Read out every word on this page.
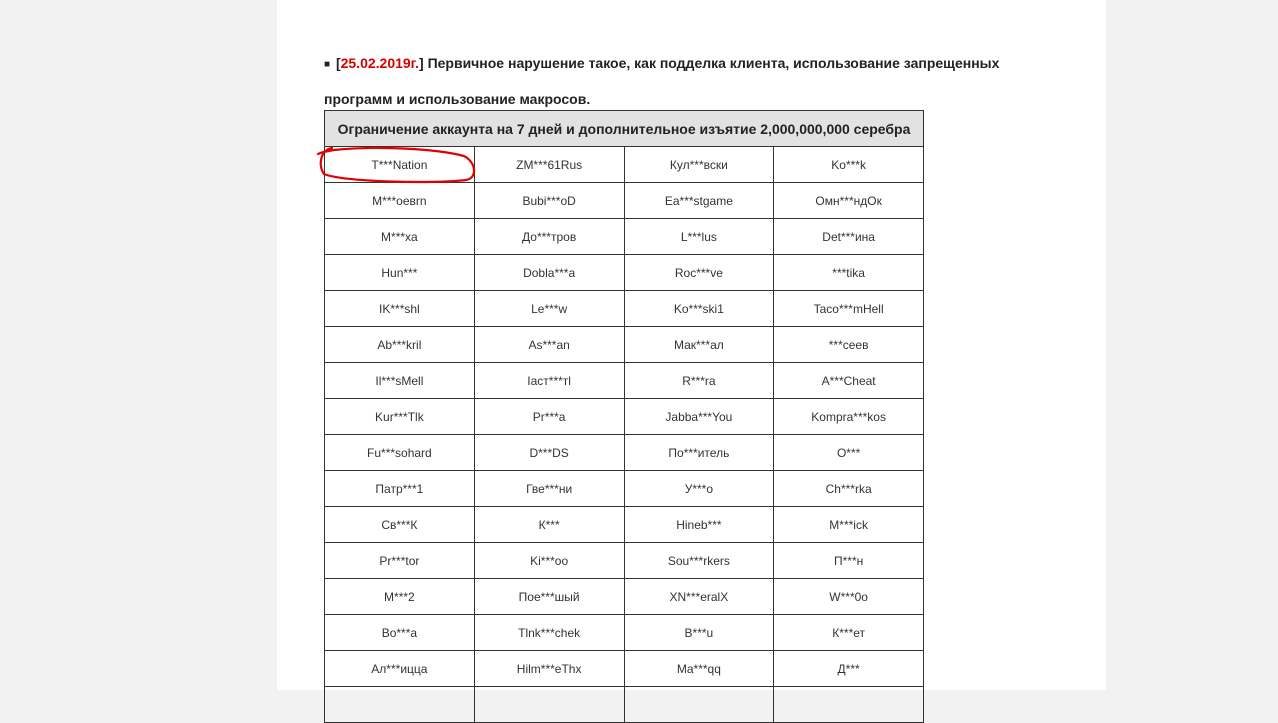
■ [25.02.2019г.] Первичное нарушение такое, как подделка клиента, использование запрещенных программ и использование макросов.
Ограничение аккаунта на 7 дней и дополнительное изъятие 2,000,000,000 серебра			
T***Nation	ZM***61Rus	Кул***вски	Ko***k
M***oeвrn	Bubi***oD	Ea***stgame	Омн***ндОк
M***xa	До***тров	L***lus	Det***ина
Hun***	Dobla***a	Roc***ve	***tika
IK***shl	Le***w	Ko***ski1	Taco***mHell
Ab***kril	As***an	Мак***ал	***сеев
Il***sMell	Iаст***тl	R***ra	A***Cheat
Kur***Tlk	Pr***a	Jabba***You	Kompra***kos
Fu***sohard	D***DS	По***итель	O***
Патр***1	Гве***ни	У***о	Ch***rka
Св***К	К***	Hineb***	M***ick
Pr***tor	Ki***oo	Sou***rkers	П***н
M***2	Пое***шый	XN***eralX	W***0o
Bo***a	Tlnk***chek	B***u	К***ет
Ал***ицца	Hilm***eThx	Ma***qq	Д***
